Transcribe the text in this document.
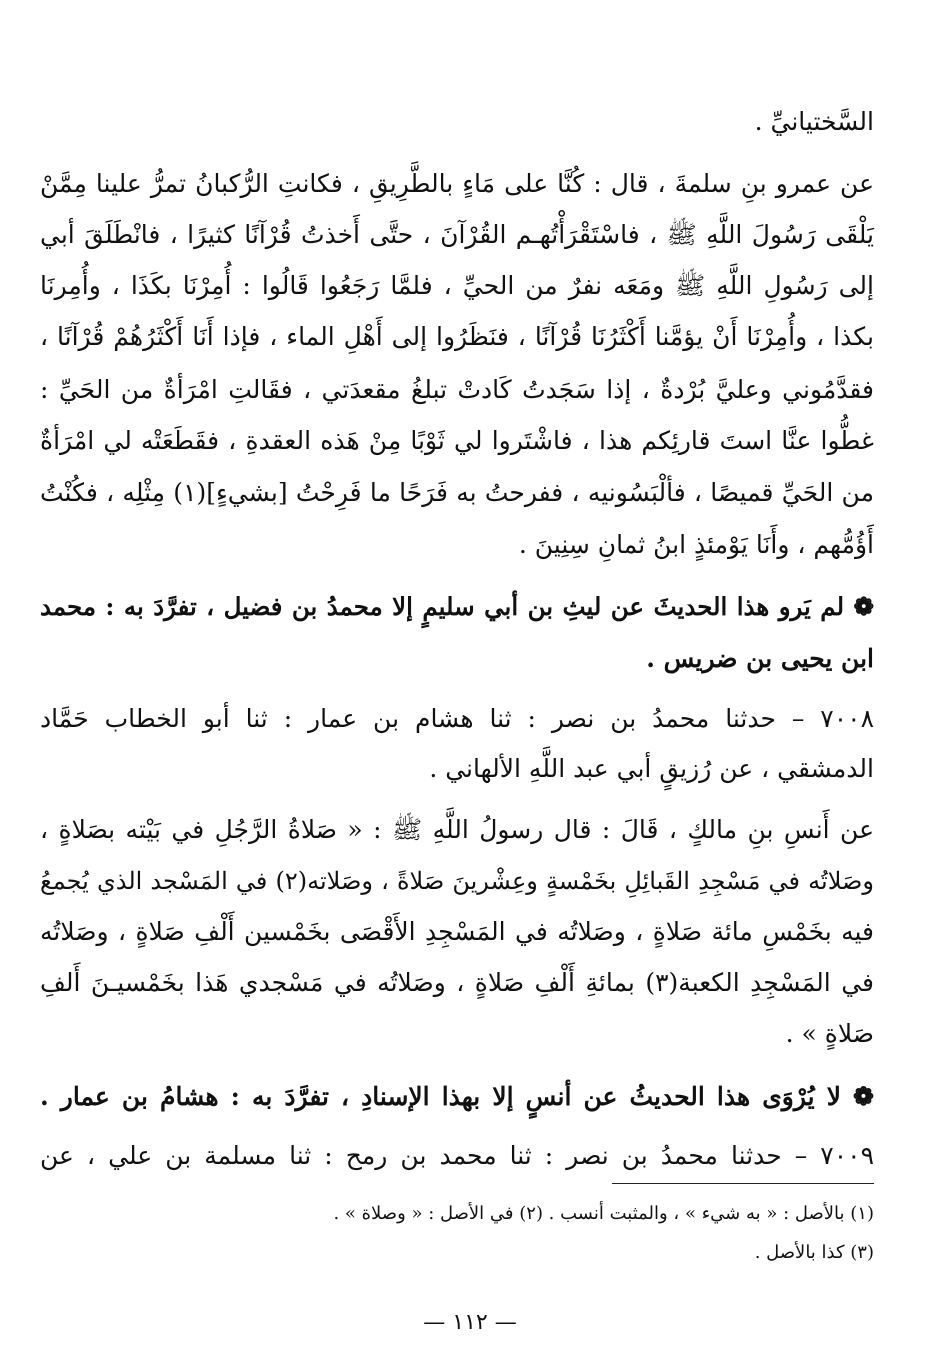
السَّختيانيِّ .
عن عمرو بنِ سلمةَ ، قال : كُنَّا على مَاءٍ بالطَّرِيقِ ، فكانتِ الرُّكبانُ تمرُّ علينا مِمَّنْ
يَلْقَى رَسُولَ اللَّهِ ﷺ ، فاسْتَقْرَأْتُهـم القُرْآنَ ، حتَّى أَخذتُ قُرْآنًا كثيرًا ، فانْطَلَقَ أبي
إلى رَسُولِ اللَّهِ ﷺ ومَعَه نفرٌ من الحيِّ ، فلمَّا رَجَعُوا قَالُوا : أُمِرْنَا بكَذَا ، وأُمِرنَا
بكذا ، وأُمِرْنَا أَنْ يؤمَّنا أَكْثَرُنَا قُرْآنًا ، فنَظَرُوا إلى أَهْلِ الماء ، فإذا أَنَا أَكْثَرُهُمْ قُرْآنًا ،
فقدَّمُوني وعليَّ بُرْدةٌ ، إذا سَجَدتُ كَادتْ تبلغُ مقعدَتي ، فقَالتِ امْرَأةٌ من الحَيِّ :
غطُّوا عنَّا استَ قارئِكم هذا ، فاشْتَروا لي ثَوْبًا مِنْ هَذه العقدةِ ، فقَطَعَتْه لي امْرَأةٌ
من الحَيِّ قميصًا ، فألْبَسُونيه ، ففرحتُ به فَرَحًا ما فَرِحْتُ [بشيءٍ](١) مِثْلِه ، فكُنْتُ
أَؤُمُّهم ، وأَنَا يَوْمئذٍ ابنُ ثمانِ سِنِينَ .
❁ لم يَرو هذا الحديثَ عن ليثِ بن أبي سليمٍ إلا محمدُ بن فضيل ، تفرَّدَ به : محمد
ابن يحيى بن ضريس .
٧٠٠٨ – حدثنا محمدُ بن نصر : ثنا هشام بن عمار : ثنا أبو الخطاب حَمَّاد
الدمشقي ، عن رُزيقٍ أبي عبد اللَّهِ الألهاني .
عن أَنسِ بنِ مالكٍ ، قَالَ : قال رسولُ اللَّهِ ﷺ : « صَلاةُ الرَّجُلِ في بَيْته بصَلاةٍ ،
وصَلاتُه في مَسْجِدِ القَبائِلِ بخَمْسةٍ وعِشْرينَ صَلاةً ، وصَلاته(٢) في المَسْجد الذي يُجمعُ
فيه بخَمْسِ مائة صَلاةٍ ، وصَلاتُه في المَسْجِدِ الأَقْصَى بخَمْسين أَلْفِ صَلاةٍ ، وصَلاتُه
في المَسْجِدِ الكعبة(٣) بمائةِ أَلْفِ صَلاةٍ ، وصَلاتُه في مَسْجدي هَذا بخَمْسيـنَ أَلفِ
صَلاةٍ » .
❁ لا يُرْوَى هذا الحديثُ عن أنسٍ إلا بهذا الإسنادِ ، تفرَّدَ به : هشامُ بن عمار .
٧٠٠٩ – حدثنا محمدُ بن نصر : ثنا محمد بن رمح : ثنا مسلمة بن علي ، عن
(١) بالأصل : « به شيء » ، والمثبت أنسب . (٢) في الأصل : « وصلاة » .
(٣) كذا بالأصل .
— ١١٢ —
